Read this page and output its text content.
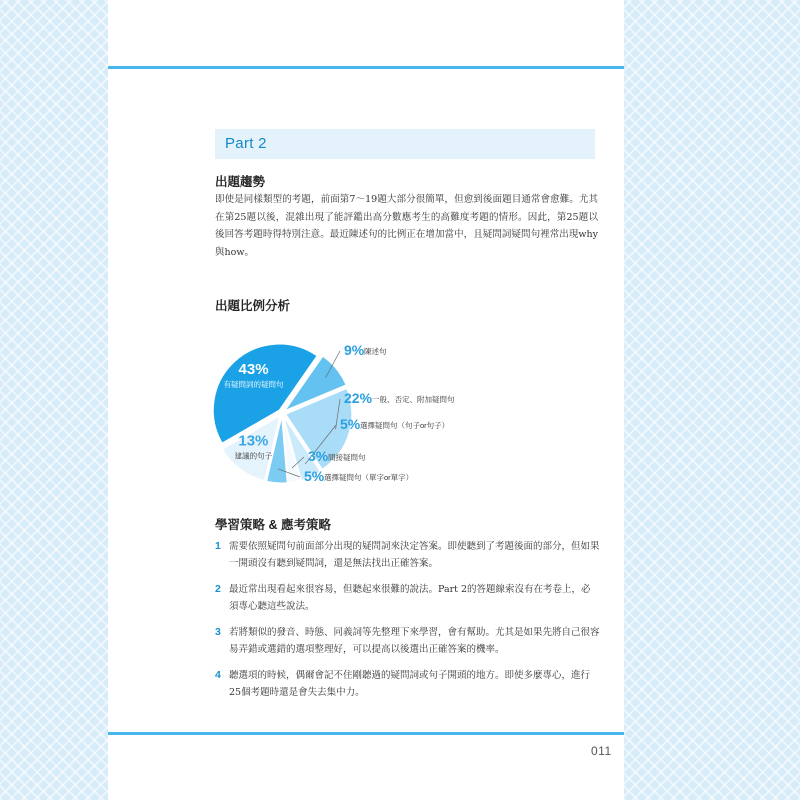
Part 2
出題趨勢

即使是同樣類型的考題，前面第7～19題大部分很簡單，但愈到後面題目通常會愈難。尤其在第25題以後，混雜出現了能評鑑出高分數應考生的高難度考題的情形。因此，第25題以後回答考題時得特別注意。最近陳述句的比例正在增加當中，且疑問詞疑問句裡常出現why與how。

出題比例分析
43%
有疑問詞的疑問句
13%
建議的句子
9% 陳述句
22% 一般、否定、附加疑問句
5% 選擇疑問句（句子or句子）
3% 間接疑問句
5% 選擇疑問句（單字or單字）
學習策略 & 應考策略
1 需要依照疑問句前面部分出現的疑問詞來決定答案。即使聽到了考題後面的部分，但如果一開頭沒有聽到疑問詞，還是無法找出正確答案。
2 最近常出現看起來很容易，但聽起來很難的說法。Part 2的答題線索沒有在考卷上，必須專心聽這些說法。
3 若將類似的發音、時態、同義詞等先整理下來學習，會有幫助。尤其是如果先將自己很容易弄錯或選錯的選項整理好，可以提高以後選出正確答案的機率。
4 聽選項的時候，偶爾會記不住剛聽過的疑問詞或句子開頭的地方。即使多麼專心，進行25個考題時還是會失去集中力。
011
